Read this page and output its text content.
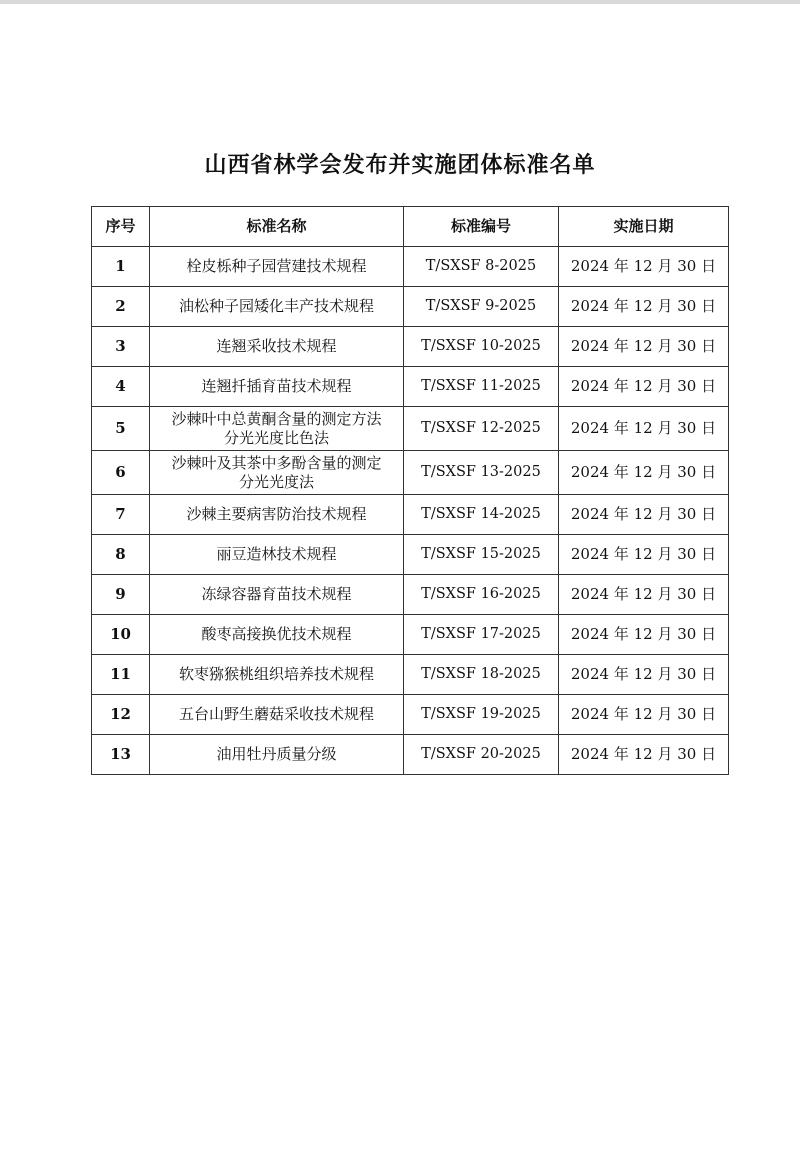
山西省林学会发布并实施团体标准名单
序号	标准名称	标准编号	实施日期
1	栓皮栎种子园营建技术规程	T/SXSF 8-2025	2024 年 12 月 30 日
2	油松种子园矮化丰产技术规程	T/SXSF 9-2025	2024 年 12 月 30 日
3	连翘采收技术规程	T/SXSF 10-2025	2024 年 12 月 30 日
4	连翘扦插育苗技术规程	T/SXSF 11-2025	2024 年 12 月 30 日
5	沙棘叶中总黄酮含量的测定方法
分光光度比色法	T/SXSF 12-2025	2024 年 12 月 30 日
6	沙棘叶及其茶中多酚含量的测定
分光光度法	T/SXSF 13-2025	2024 年 12 月 30 日
7	沙棘主要病害防治技术规程	T/SXSF 14-2025	2024 年 12 月 30 日
8	丽豆造林技术规程	T/SXSF 15-2025	2024 年 12 月 30 日
9	冻绿容器育苗技术规程	T/SXSF 16-2025	2024 年 12 月 30 日
10	酸枣高接换优技术规程	T/SXSF 17-2025	2024 年 12 月 30 日
11	软枣猕猴桃组织培养技术规程	T/SXSF 18-2025	2024 年 12 月 30 日
12	五台山野生蘑菇采收技术规程	T/SXSF 19-2025	2024 年 12 月 30 日
13	油用牡丹质量分级	T/SXSF 20-2025	2024 年 12 月 30 日
